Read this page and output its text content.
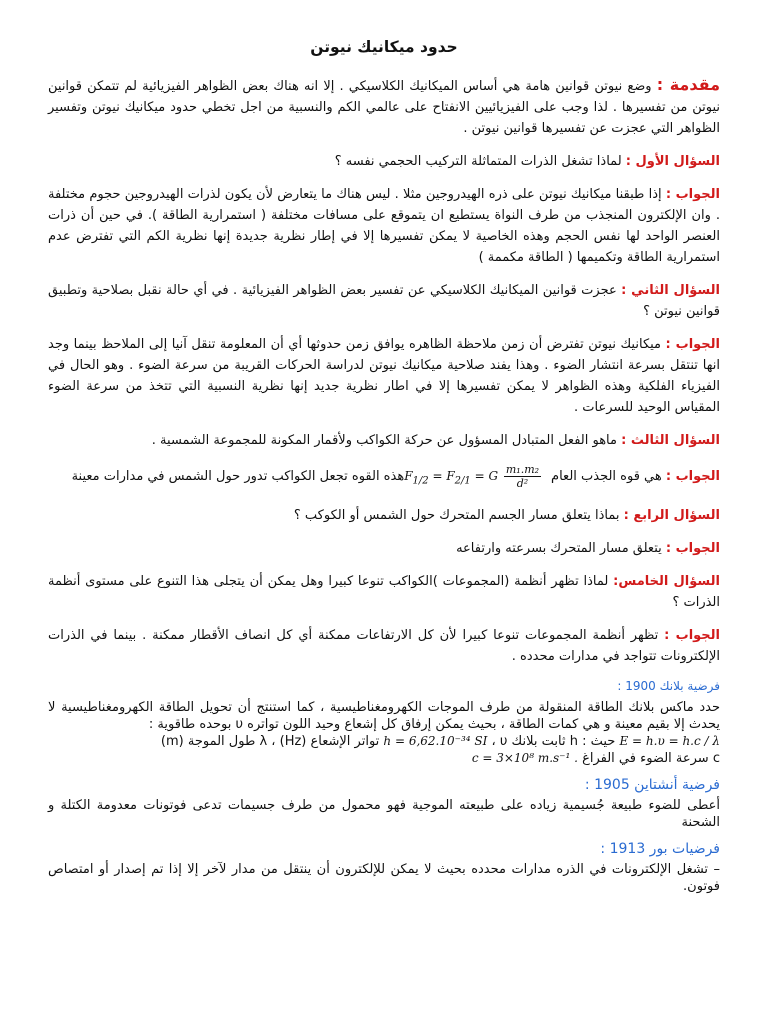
حدود ميكانيك نيوتن

مقدمة : وضع نيوتن قوانين هامة هي أساس الميكانيك الكلاسيكي . إلا انه هناك بعض الظواهر الفيزيائية لم تتمكن قوانين نيوتن من تفسيرها . لذا وجب على الفيزيائيين الانفتاح على عالمي الكم والنسبية من اجل تخطي حدود ميكانيك نيوتن وتفسير الظواهر التي عجزت عن تفسيرها قوانين نيوتن .

السؤال الأول : لماذا تشغل الذرات المتماثلة التركيب الحجمي نفسه ؟

الجواب : إذا طبقنا ميكانيك نيوتن على ذره الهيدروجين مثلا . ليس هناك ما يتعارض لأن يكون لذرات الهيدروجين حجوم مختلفة . وان الإلكترون المنجذب من طرف النواة يستطيع ان يتموقع على مسافات مختلفة ( استمرارية الطاقة ). في حين أن ذرات العنصر الواحد لها نفس الحجم وهذه الخاصية لا يمكن تفسيرها إلا في إطار نظرية جديدة إنها نظرية الكم التي تفترض عدم استمرارية الطاقة وتكميمها ( الطاقة مكممة )

السؤال الثاني : عجزت قوانين الميكانيك الكلاسيكي عن تفسير بعض الظواهر الفيزيائية . في أي حالة نقبل بصلاحية وتطبيق قوانين نيوتن ؟

الجواب : ميكانيك نيوتن تفترض أن زمن ملاحظة الظاهره يوافق زمن حدوثها أي أن المعلومة تنقل آنيا إلى الملاحظ بينما وجد انها تنتقل بسرعة انتشار الضوء . وهذا يفند صلاحية ميكانيك نيوتن لدراسة الحركات القريبة من سرعة الضوء . وهو الحال في الفيزياء الفلكية وهذه الظواهر لا يمكن تفسيرها إلا في اطار نظرية جديد إنها نظرية النسبية التي تتخذ من سرعة الضوء المقياس الوحيد للسرعات .

السؤال الثالث : ماهو الفعل المتبادل المسؤول عن حركة الكواكب ولأقمار المكونة للمجموعة الشمسية .

الجواب : هي قوه الجذب العام $F_{1/2} = F_{2/1} = G \frac{\text{m₁.m₂}}{\text{d²}}$
هذه القوه تجعل الكواكب تدور حول الشمس في مدارات معينة

السؤال الرابع : بماذا يتعلق مسار الجسم المتحرك حول الشمس أو الكوكب ؟

الجواب : يتعلق مسار المتحرك بسرعته وارتفاعه

السؤال الخامس: لماذا تظهر أنظمة (المجموعات )الكواكب تنوعا كبيرا وهل يمكن أن يتجلى هذا التنوع على مستوى أنظمة الذرات ؟

الجواب : تظهر أنظمة المجموعات تنوعا كبيرا لأن كل الارتفاعات ممكنة أي كل انصاف الأقطار ممكنة . بينما في الذرات الإلكترونات تتواجد في مدارات محدده .

فرضية بلانك 1900 :

حدد ماكس بلانك الطاقة المنقولة من طرف الموجات الكهرومغناطيسية ، كما استنتج أن تحويل الطاقة الكهرومغناطيسية لا يحدث إلا بقيم معينة و هي كمات الطاقة ، بحيث يمكن إرفاق كل إشعاع وحيد اللون تواتره υ بوحده طاقوية :

E = h.υ = h.c / λ حيث : h ثابت بلانك h = 6,62.10⁻³⁴ SI ، υ تواتر الإشعاع (Hz) ، λ طول الموجة (m)

c سرعة الضوء في الفراغ c = 3×10⁸ m.s⁻¹ .

فرضية أنشتاين 1905 :

أعطى للضوء طبيعة جُسيمية زياده على طبيعته الموجية فهو محمول من طرف جسيمات تدعى فوتونات معدومة الكتلة و الشحنة

فرضيات بور 1913 :

– تشغل الإلكترونات في الذره مدارات محدده بحيث لا يمكن للإلكترون أن ينتقل من مدار لآخر إلا إذا تم إصدار أو امتصاص فوتون.
